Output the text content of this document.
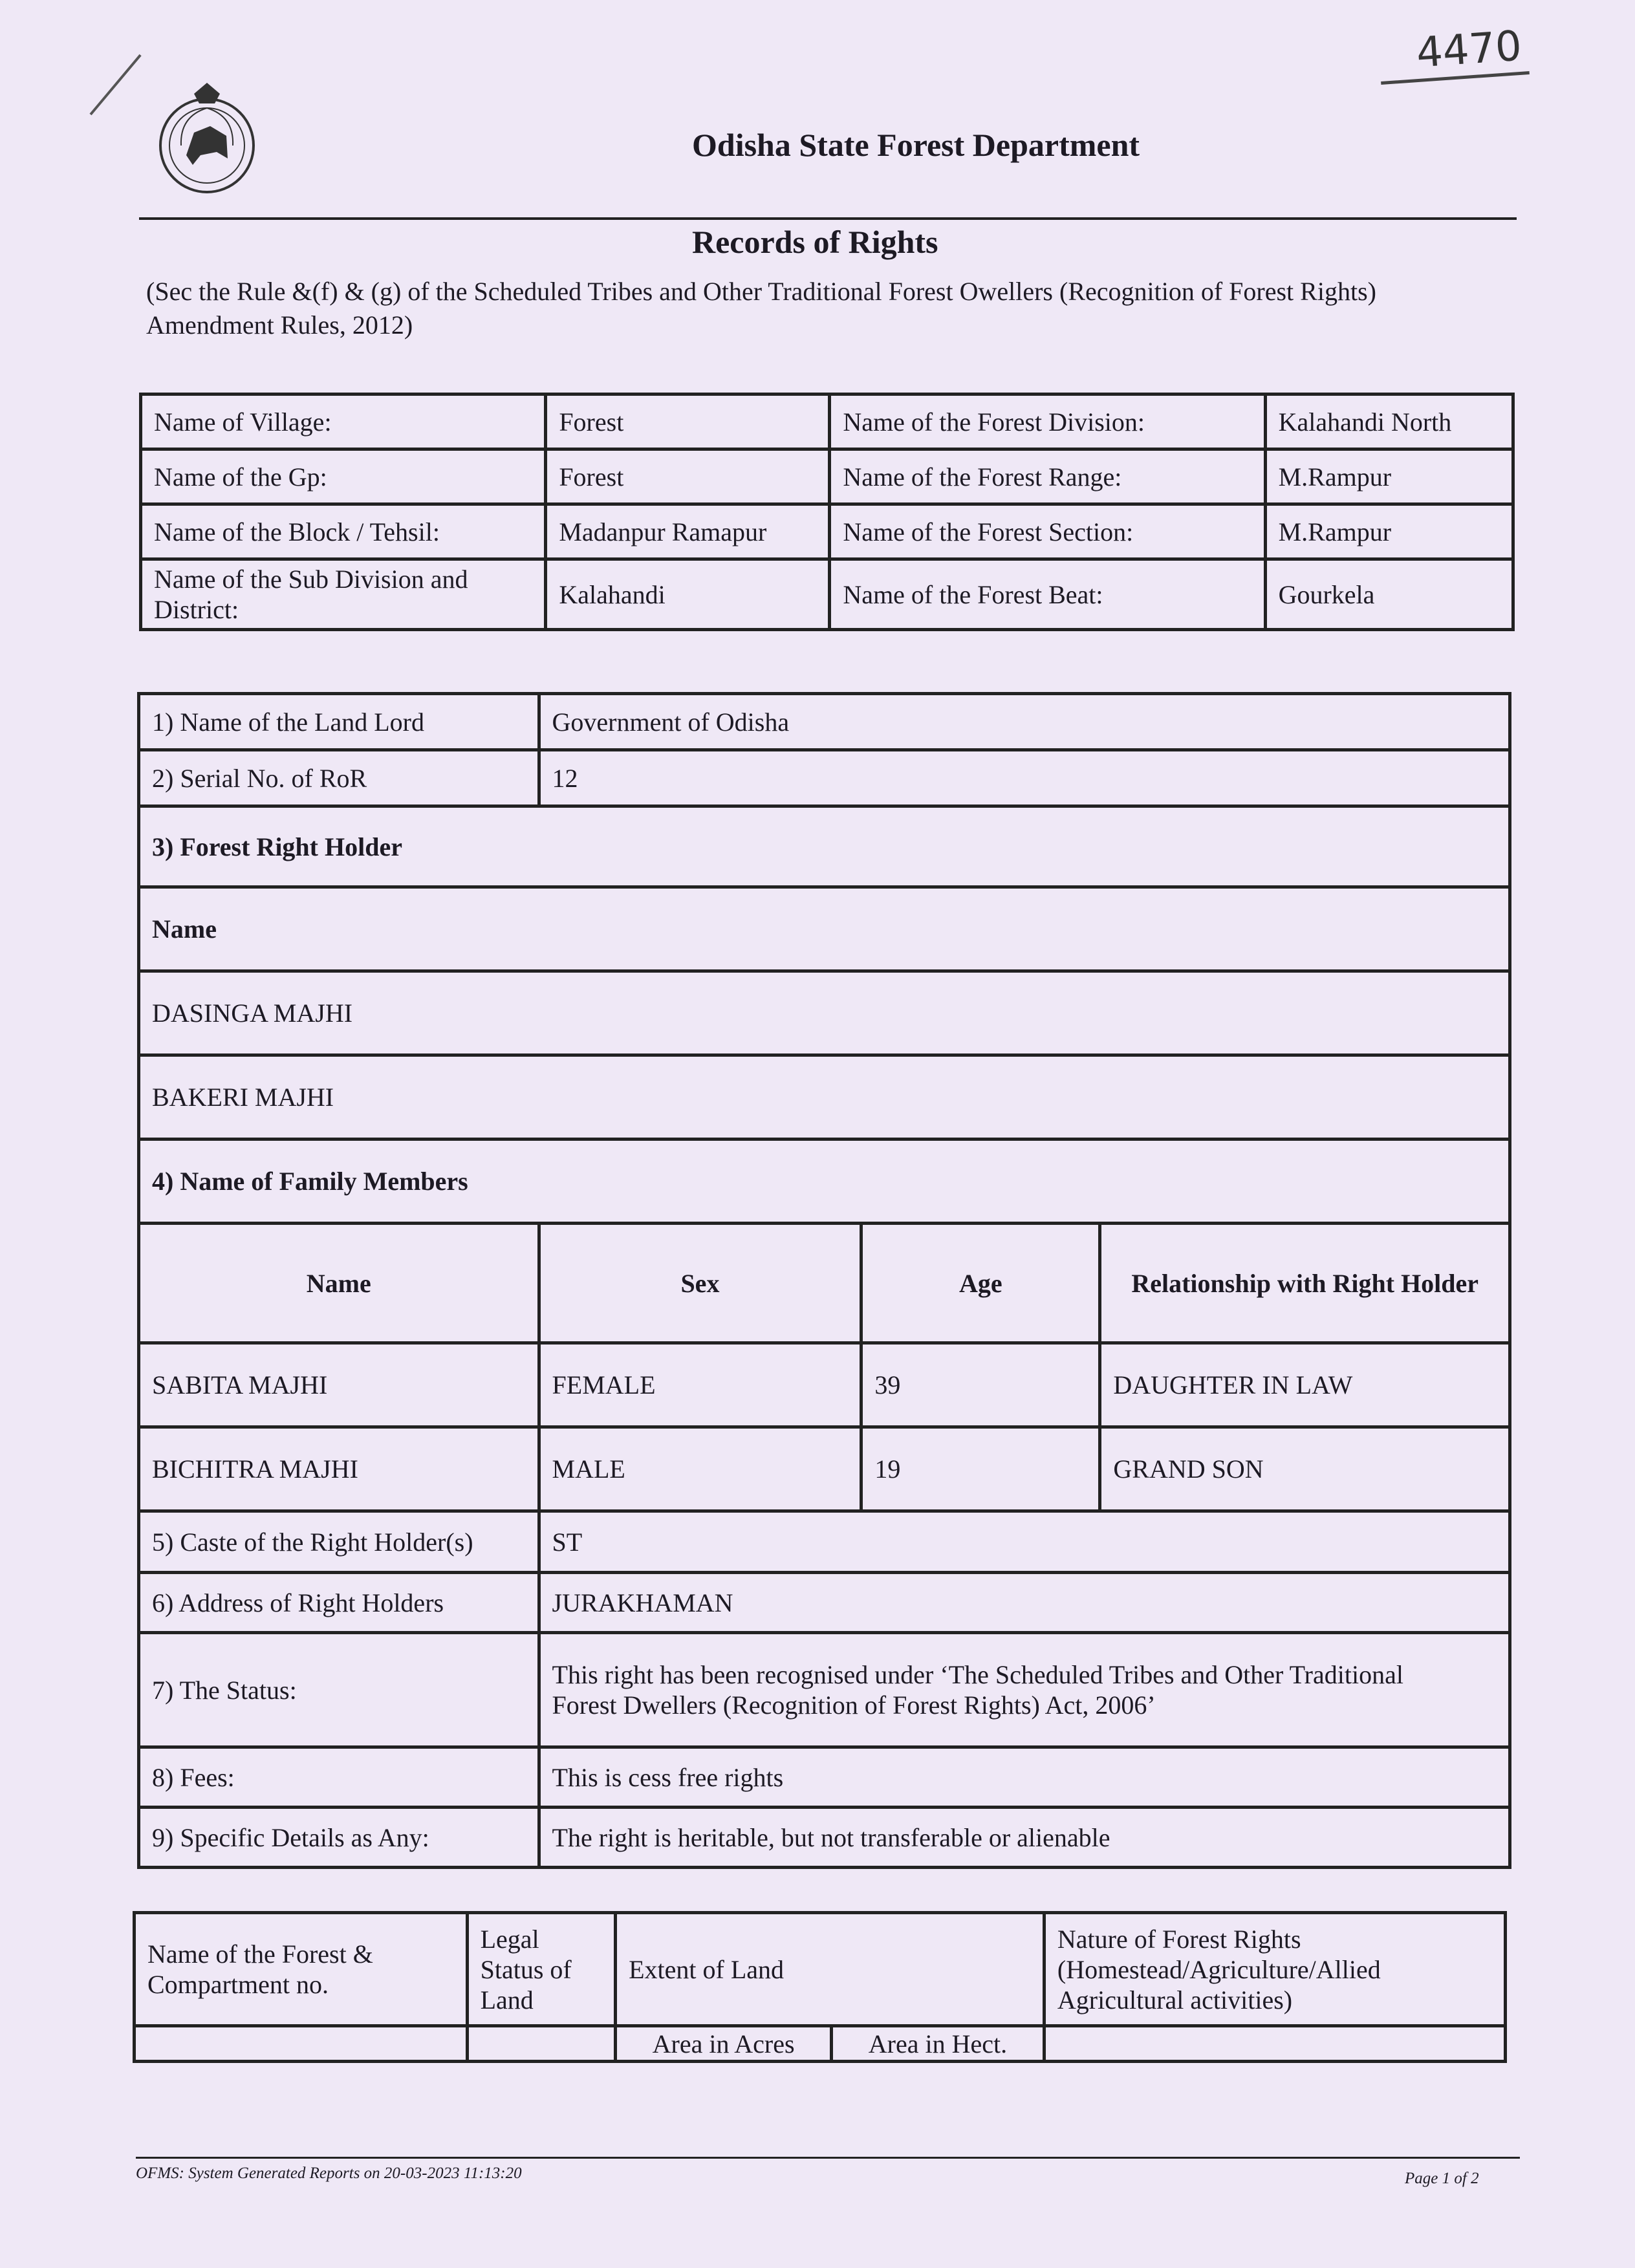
4470
Odisha State Forest Department
Records of Rights
(Sec the Rule &(f) & (g) of the Scheduled Tribes and Other Traditional Forest Owellers (Recognition of Forest Rights) Amendment Rules, 2012)
Name of Village:	Forest	Name of the Forest Division:	Kalahandi North
Name of the Gp:	Forest	Name of the Forest Range:	M.Rampur
Name of the Block / Tehsil:	Madanpur Ramapur	Name of the Forest Section:	M.Rampur
Name of the Sub Division and District:	Kalahandi	Name of the Forest Beat:	Gourkela
1) Name of the Land Lord	Government of Odisha		
2) Serial No. of RoR	12		
3) Forest Right Holder			
Name			
DASINGA MAJHI			
BAKERI MAJHI			
4) Name of Family Members			
Name	Sex	Age	Relationship with Right Holder
SABITA MAJHI	FEMALE	39	DAUGHTER IN LAW
BICHITRA MAJHI	MALE	19	GRAND SON
5) Caste of the Right Holder(s)	ST		
6) Address of Right Holders	JURAKHAMAN		
7) The Status:	This right has been recognised under ‘The Scheduled Tribes and Other Traditional
Forest Dwellers (Recognition of Forest Rights) Act, 2006’		

8) Fees:	This is cess free rights		
9) Specific Details as Any:	The right is heritable, but not transferable or alienable		
Name of the Forest & Compartment no.	Legal Status of Land	Extent of Land		Nature of Forest Rights (Homestead/Agriculture/Allied Agricultural activities)
		Area in Acres	Area in Hect.	
OFMS: System Generated Reports on 20-03-2023 11:13:20	Page 1 of 2
